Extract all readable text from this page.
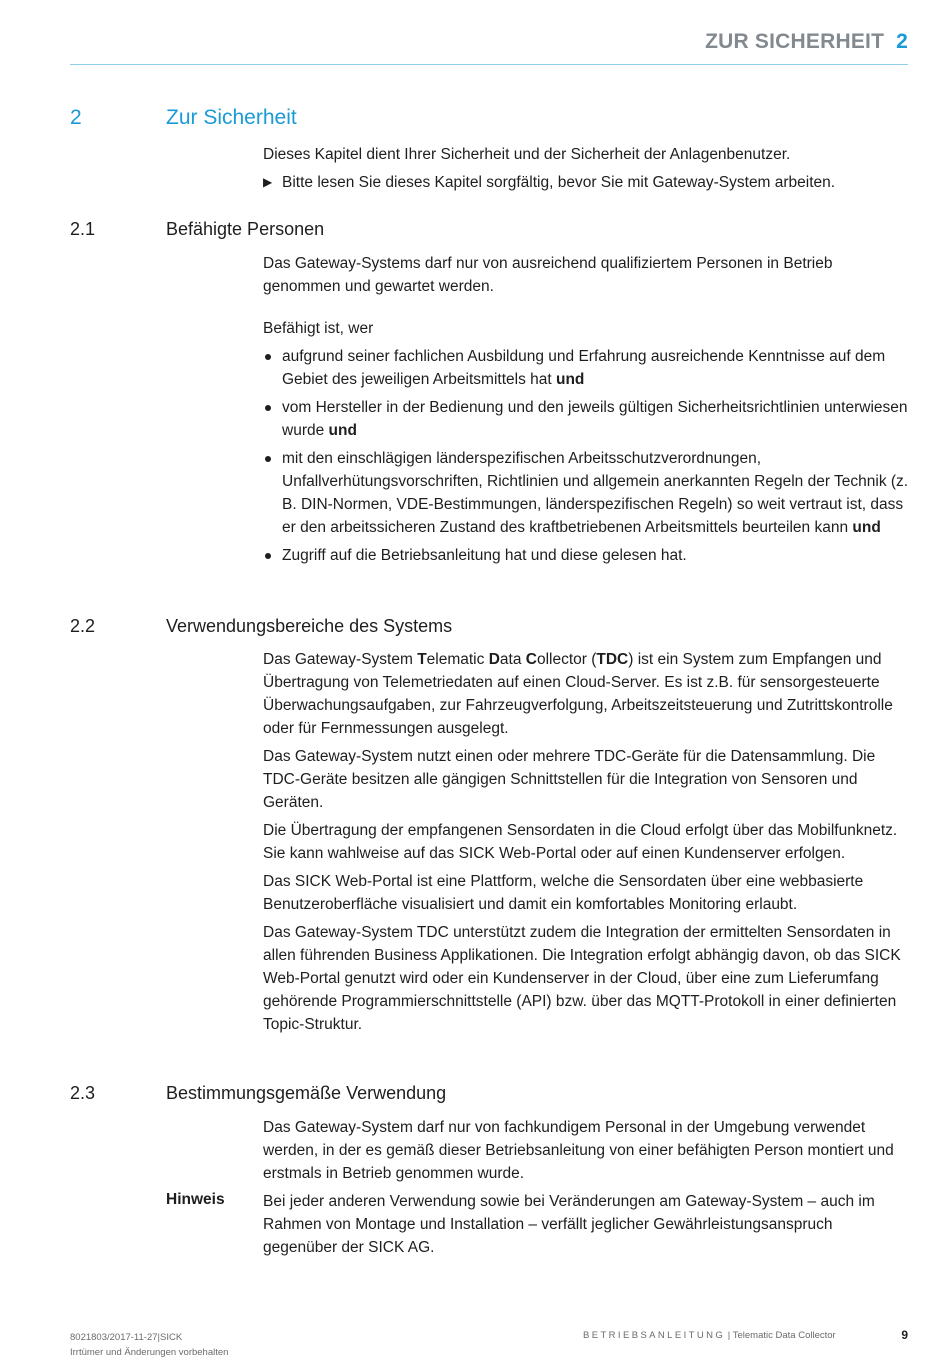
ZUR SICHERHEIT 2
2	Zur Sicherheit

Dieses Kapitel dient Ihrer Sicherheit und der Sicherheit der Anlagenbenutzer.

▶ Bitte lesen Sie dieses Kapitel sorgfältig, bevor Sie mit Gateway-System arbeiten.

2.1	Befähigte Personen

Das Gateway-Systems darf nur von ausreichend qualifiziertem Personen in Betrieb genommen und gewartet werden.

Befähigt ist, wer

aufgrund seiner fachlichen Ausbildung und Erfahrung ausreichende Kenntnisse auf dem Gebiet des jeweiligen Arbeitsmittels hat und
vom Hersteller in der Bedienung und den jeweils gültigen Sicherheitsrichtlinien unterwiesen wurde und
mit den einschlägigen länderspezifischen Arbeitsschutzverordnungen, Unfallverhütungsvorschriften, Richtlinien und allgemein anerkannten Regeln der Technik (z. B. DIN-Normen, VDE-Bestimmungen, länderspezifischen Regeln) so weit vertraut ist, dass er den arbeitssicheren Zustand des kraftbetriebenen Arbeitsmittels beurteilen kann und
Zugriff auf die Betriebsanleitung hat und diese gelesen hat.
2.2	Verwendungsbereiche des Systems

Das Gateway-System Telematic Data Collector (TDC) ist ein System zum Empfangen und Übertragung von Telemetriedaten auf einen Cloud-Server. Es ist z.B. für sensorgesteuerte Überwachungsaufgaben, zur Fahrzeugverfolgung, Arbeitszeitsteuerung und Zutrittskontrolle oder für Fernmessungen ausgelegt.

Das Gateway-System nutzt einen oder mehrere TDC-Geräte für die Datensammlung. Die TDC-Geräte besitzen alle gängigen Schnittstellen für die Integration von Sensoren und Geräten.

Die Übertragung der empfangenen Sensordaten in die Cloud erfolgt über das Mobilfunknetz. Sie kann wahlweise auf das SICK Web-Portal oder auf einen Kundenserver erfolgen.

Das SICK Web-Portal ist eine Plattform, welche die Sensordaten über eine webbasierte Benutzeroberfläche visualisiert und damit ein komfortables Monitoring erlaubt.

Das Gateway-System TDC unterstützt zudem die Integration der ermittelten Sensordaten in allen führenden Business Applikationen. Die Integration erfolgt abhängig davon, ob das SICK Web-Portal genutzt wird oder ein Kundenserver in der Cloud, über eine zum Lieferumfang gehörende Programmierschnittstelle (API) bzw. über das MQTT-Protokoll in einer definierten Topic-Struktur.

2.3	Bestimmungsgemäße Verwendung

Das Gateway-System darf nur von fachkundigem Personal in der Umgebung verwendet werden, in der es gemäß dieser Betriebsanleitung von einer befähigten Person montiert und erstmals in Betrieb genommen wurde.

Bei jeder anderen Verwendung sowie bei Veränderungen am Gateway-System – auch im Rahmen von Montage und Installation – verfällt jeglicher Gewährleistungsanspruch gegenüber der SICK AG.

Hinweis
8021803/2017-11-27|SICK
Irrtümer und Änderungen vorbehalten
BETRIEBSANLEITUNG | Telematic Data Collector	9
